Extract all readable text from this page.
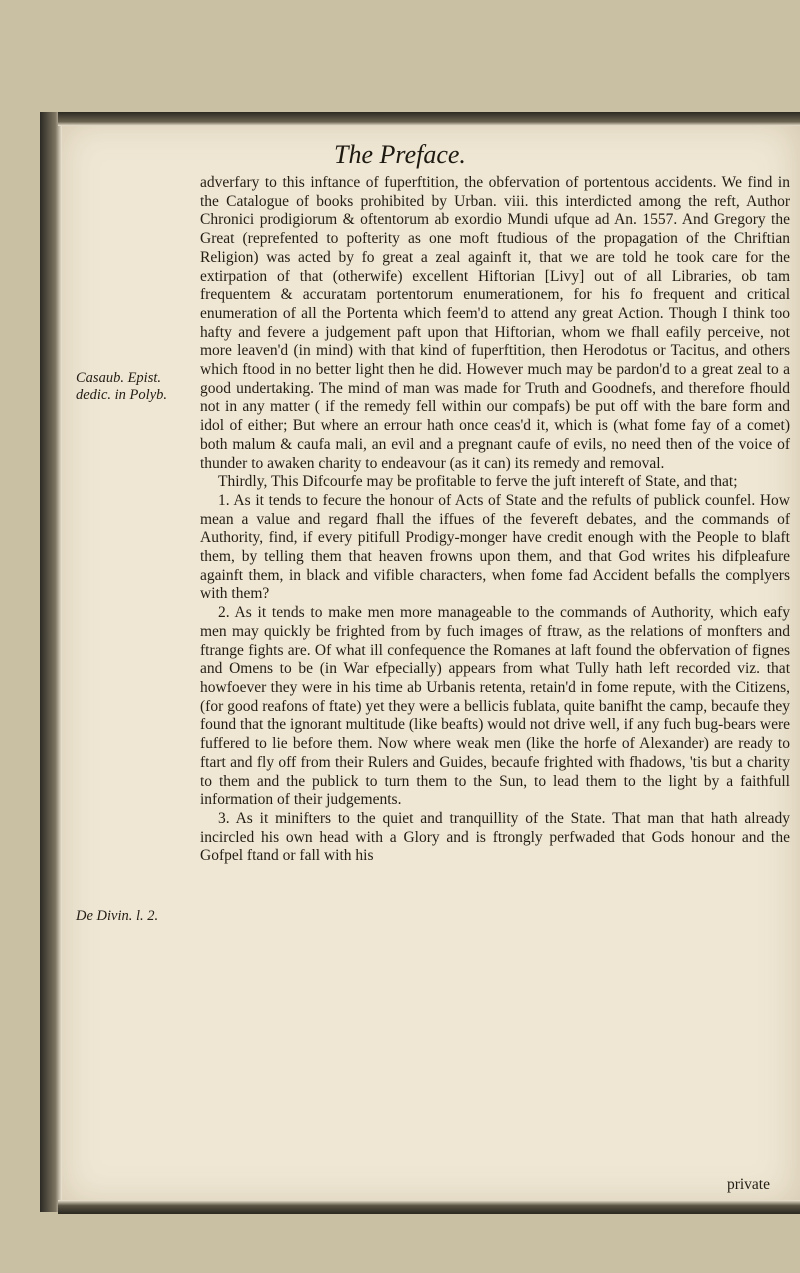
The Preface.
Casaub. Epist. dedic. in Polyb.
De Divin. l. 2.

adverfary to this inftance of fuperftition, the obfervation of portentous accidents. We find in the Catalogue of books prohibited by Urban. viii. this interdicted among the reft, Author Chronici prodigiorum & oftentorum ab exordio Mundi ufque ad An. 1557. And Gregory the Great (reprefented to pofterity as one moft ftudious of the propagation of the Chriftian Religion) was acted by fo great a zeal againft it, that we are told he took care for the extirpation of that (otherwife) excellent Hiftorian [Livy] out of all Libraries, ob tam frequentem & accuratam portentorum enumerationem, for his fo frequent and critical enumeration of all the Portenta which feem'd to attend any great Action. Though I think too hafty and fevere a judgement paft upon that Hiftorian, whom we fhall eafily perceive, not more leaven'd (in mind) with that kind of fuperftition, then Herodotus or Tacitus, and others which ftood in no better light then he did. However much may be pardon'd to a great zeal to a good undertaking. The mind of man was made for Truth and Goodnefs, and therefore fhould not in any matter ( if the remedy fell within our compafs) be put off with the bare form and idol of either; But where an errour hath once ceas'd it, which is (what fome fay of a comet) both malum & caufa mali, an evil and a pregnant caufe of evils, no need then of the voice of thunder to awaken charity to endeavour (as it can) its remedy and removal.

Thirdly, This Difcourfe may be profitable to ferve the juft intereft of State, and that;

1. As it tends to fecure the honour of Acts of State and the refults of publick counfel. How mean a value and regard fhall the iffues of the fevereft debates, and the commands of Authority, find, if every pitifull Prodigy-monger have credit enough with the People to blaft them, by telling them that heaven frowns upon them, and that God writes his difpleafure againft them, in black and vifible characters, when fome fad Accident befalls the complyers with them?

2. As it tends to make men more manageable to the commands of Authority, which eafy men may quickly be frighted from by fuch images of ftraw, as the relations of monfters and ftrange fights are. Of what ill confequence the Romanes at laft found the obfervation of fignes and Omens to be (in War efpecially) appears from what Tully hath left recorded viz. that howfoever they were in his time ab Urbanis retenta, retain'd in fome repute, with the Citizens, (for good reafons of ftate) yet they were a bellicis fublata, quite banifht the camp, becaufe they found that the ignorant multitude (like beafts) would not drive well, if any fuch bug-bears were fuffered to lie before them. Now where weak men (like the horfe of Alexander) are ready to ftart and fly off from their Rulers and Guides, becaufe frighted with fhadows, 'tis but a charity to them and the publick to turn them to the Sun, to lead them to the light by a faithfull information of their judgements.

3. As it minifters to the quiet and tranquillity of the State. That man that hath already incircled his own head with a Glory and is ftrongly perfwaded that Gods honour and the Gofpel ftand or fall with his

private
